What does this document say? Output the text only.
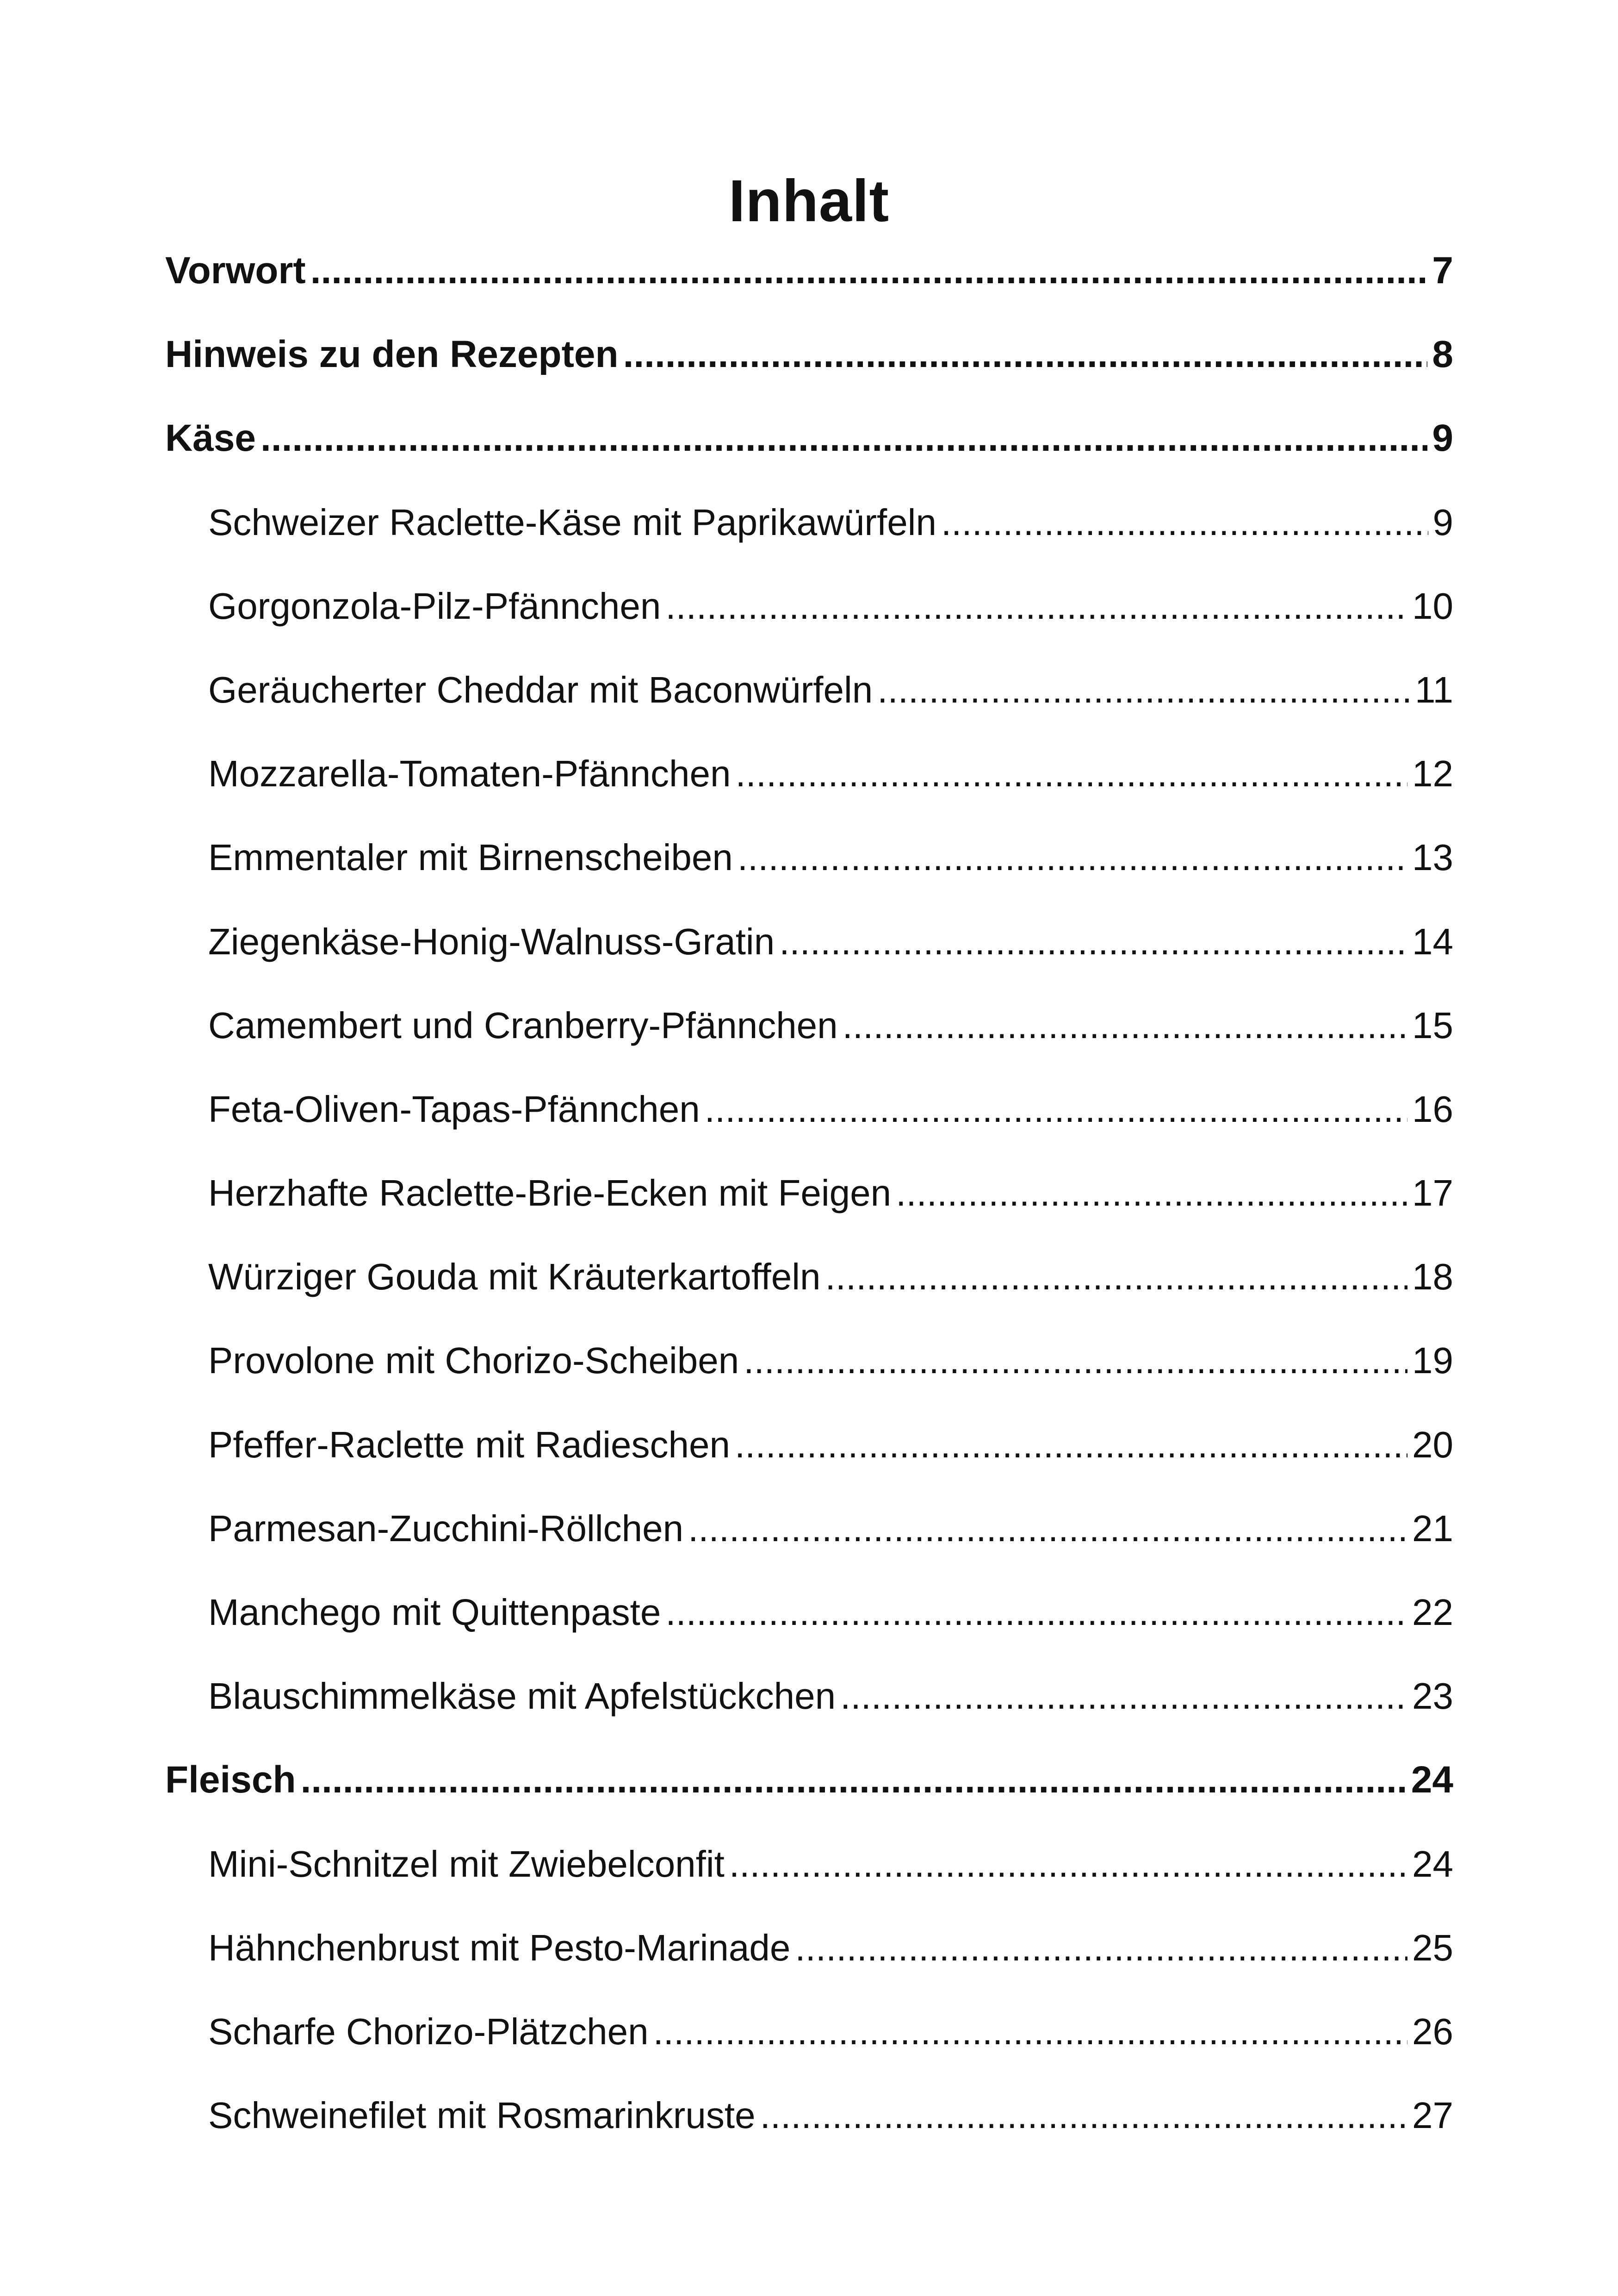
Inhalt
Vorwort .....	7
Hinweis zu den Rezepten .....	8
Käse .....	9
Schweizer Raclette-Käse mit Paprikawürfeln .....	9
Gorgonzola-Pilz-Pfännchen .....	10
Geräucherter Cheddar mit Baconwürfeln .....	11
Mozzarella-Tomaten-Pfännchen .....	12
Emmentaler mit Birnenscheiben .....	13
Ziegenkäse-Honig-Walnuss-Gratin .....	14
Camembert und Cranberry-Pfännchen .....	15
Feta-Oliven-Tapas-Pfännchen .....	16
Herzhafte Raclette-Brie-Ecken mit Feigen .....	17
Würziger Gouda mit Kräuterkartoffeln .....	18
Provolone mit Chorizo-Scheiben .....	19
Pfeffer-Raclette mit Radieschen .....	20
Parmesan-Zucchini-Röllchen .....	21
Manchego mit Quittenpaste .....	22
Blauschimmelkäse mit Apfelstückchen .....	23
Fleisch .....	24
Mini-Schnitzel mit Zwiebelconfit .....	24
Hähnchenbrust mit Pesto-Marinade .....	25
Scharfe Chorizo-Plätzchen .....	26
Schweinefilet mit Rosmarinkruste .....	27
